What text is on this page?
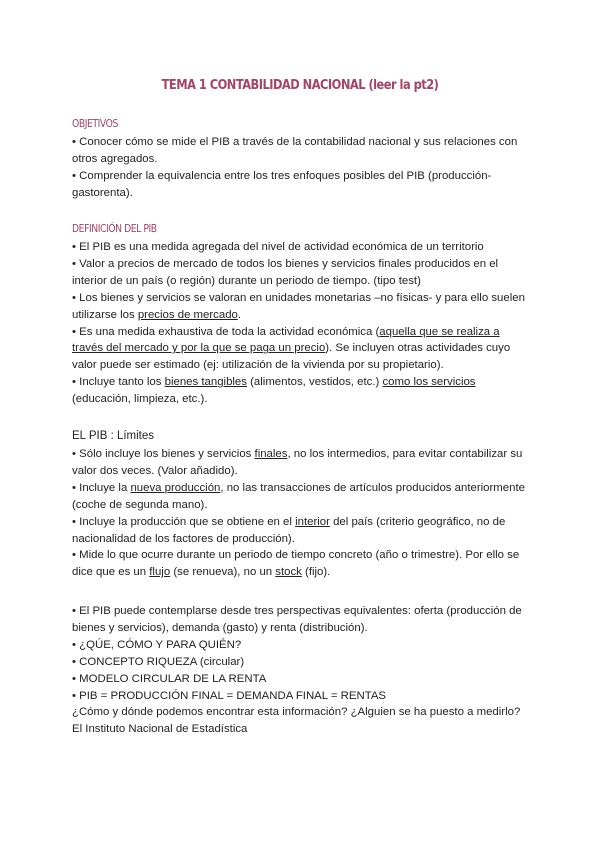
TEMA 1 CONTABILIDAD NACIONAL (leer la pt2)
OBJETIVOS

• Conocer cómo se mide el PIB a través de la contabilidad nacional y sus relaciones con otros agregados.

• Comprender la equivalencia entre los tres enfoques posibles del PIB (producción-gastorenta).

DEFINICIÓN DEL PIB

• El PIB es una medida agregada del nivel de actividad económica de un territorio

• Valor a precios de mercado de todos los bienes y servicios finales producidos en el interior de un país (o región) durante un periodo de tiempo. (tipo test)

• Los bienes y servicios se valoran en unidades monetarias –no físicas- y para ello suelen utilizarse los precios de mercado.

• Es una medida exhaustiva de toda la actividad económica (aquella que se realiza a través del mercado y por la que se paga un precio). Se incluyen otras actividades cuyo valor puede ser estimado (ej: utilización de la vivienda por su propietario).

• Incluye tanto los bienes tangibles (alimentos, vestidos, etc.) como los servicios (educación, limpieza, etc.).

EL PIB : Límites

• Sólo incluye los bienes y servicios finales, no los intermedios, para evitar contabilizar su valor dos veces. (Valor añadido).

• Incluye la nueva producción, no las transacciones de artículos producidos anteriormente (coche de segunda mano).

• Incluye la producción que se obtiene en el interior del país (criterio geográfico, no de nacionalidad de los factores de producción).

• Mide lo que ocurre durante un periodo de tiempo concreto (año o trimestre). Por ello se dice que es un flujo (se renueva), no un stock (fijo).

• El PIB puede contemplarse desde tres perspectivas equivalentes: oferta (producción de bienes y servicios), demanda (gasto) y renta (distribución).

• ¿QÚE, CÓMO Y PARA QUIÉN?

• CONCEPTO RIQUEZA (circular)

• MODELO CIRCULAR DE LA RENTA

• PIB = PRODUCCIÓN FINAL = DEMANDA FINAL = RENTAS

¿Cómo y dónde podemos encontrar esta información? ¿Alguien se ha puesto a medirlo?

El Instituto Nacional de Estadística
